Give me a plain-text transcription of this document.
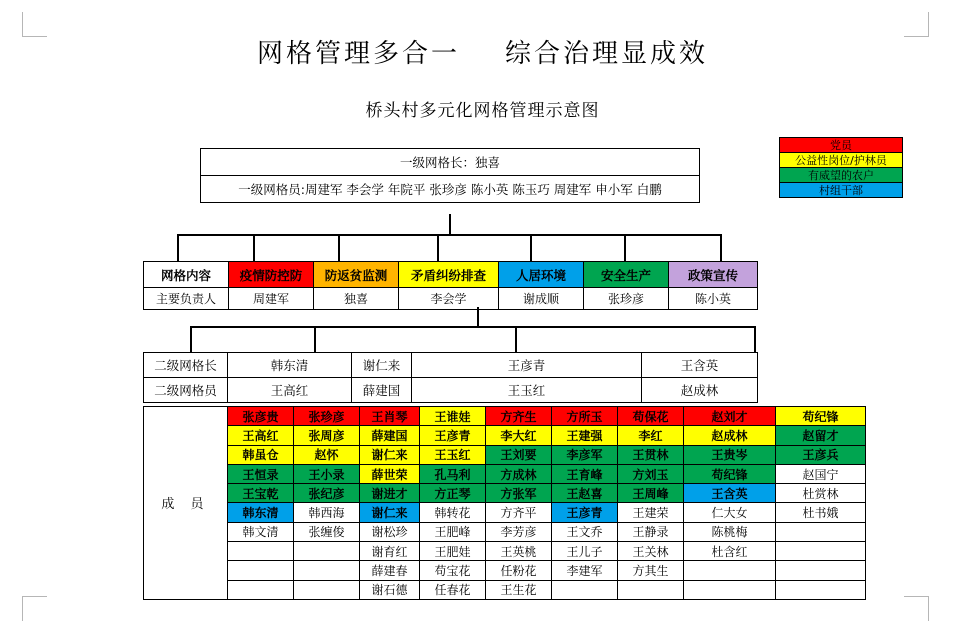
网格管理多合一    综合治理显成效
桥头村多元化网格管理示意图
党员
公益性岗位/护林员
有威望的农户
村组干部
一级网格长：独喜
一级网格员:周建军 李会学 年院平 张珍彦 陈小英 陈玉巧 周建军 申小军 白鹏
网格内容	疫情防控防	防返贫监测	矛盾纠纷排查	人居环境	安全生产	政策宣传
主要负责人	周建军	独喜	李会学	谢成顺	张珍彦	陈小英
二级网格长	韩东清	谢仁来	王彦青	王含英
二级网格员	王高红	薛建国	王玉红	赵成林
成 员	张彦贵	张珍彦	王肖琴	王谁娃	方齐生	方所玉	苟保花	赵刘才	苟纪锋
	王高红	张周彦	薛建国	王彦青	李大红	王建强	李红	赵成林	赵留才
	韩虽仓	赵怀	谢仁来	王玉红	王刘要	李彦军	王贯林	王贵岑	王彦兵
	王恒录	王小录	薛世荣	孔马利	方成林	王育峰	方刘玉	苟纪锋	赵国宁
	王宝乾	张纪彦	谢进才	方正琴	方张军	王赵喜	王周峰	王含英	杜赏林
	韩东清	韩西海	谢仁来	韩转花	方齐平	王彦青	王建荣	仁大女	杜书娥
	韩文清	张缠俊	谢松珍	王肥峰	李芳彦	王文乔	王静录	陈桃梅	
			谢育红	王肥娃	王英桃	王儿子	王关林	杜含红	
			薛建春	苟宝花	任粉花	李建军	方其生		
			谢石德	任春花	王生花				
